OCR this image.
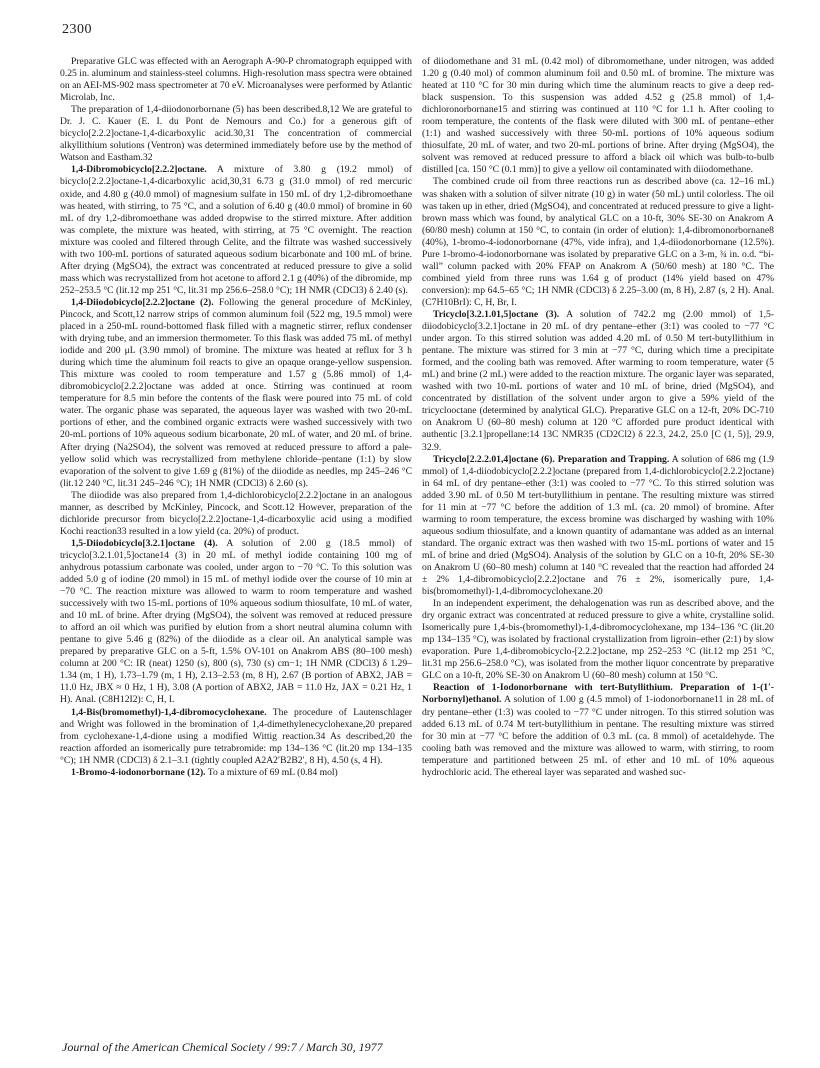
2300

Preparative GLC was effected with an Aerograph A-90-P chromatograph equipped with 0.25 in. aluminum and stainless-steel columns. High-resolution mass spectra were obtained on an AEI-MS-902 mass spectrometer at 70 eV. Microanalyses were performed by Atlantic Microlab, Inc.

The preparation of 1,4-diiodonorbornane (5) has been described.8,12 We are grateful to Dr. J. C. Kauer (E. I. du Pont de Nemours and Co.) for a generous gift of bicyclo[2.2.2]octane-1,4-dicarboxylic acid.30,31 The concentration of commercial alkyllithium solutions (Ventron) was determined immediately before use by the method of Watson and Eastham.32

1,4-Dibromobicyclo[2.2.2]octane. A mixture of 3.80 g (19.2 mmol) of bicyclo[2.2.2]octane-1,4-dicarboxylic acid,30,31 6.73 g (31.0 mmol) of red mercuric oxide, and 4.80 g (40.0 mmol) of magnesium sulfate in 150 mL of dry 1,2-dibromoethane was heated, with stirring, to 75 °C, and a solution of 6.40 g (40.0 mmol) of bromine in 60 mL of dry 1,2-dibromoethane was added dropwise to the stirred mixture. After addition was complete, the mixture was heated, with stirring, at 75 °C overnight. The reaction mixture was cooled and filtered through Celite, and the filtrate was washed successively with two 100-mL portions of saturated aqueous sodium bicarbonate and 100 mL of brine. After drying (MgSO4), the extract was concentrated at reduced pressure to give a solid mass which was recrystallized from hot acetone to afford 2.1 g (40%) of the dibromide, mp 252–253.5 °C (lit.12 mp 251 °C, lit.31 mp 256.6–258.0 °C); 1H NMR (CDCl3) δ 2.40 (s).

1,4-Diiodobicyclo[2.2.2]octane (2). Following the general procedure of McKinley, Pincock, and Scott,12 narrow strips of common aluminum foil (522 mg, 19.5 mmol) were placed in a 250-mL round-bottomed flask filled with a magnetic stirrer, reflux condenser with drying tube, and an immersion thermometer. To this flask was added 75 mL of methyl iodide and 200 μL (3.90 mmol) of bromine. The mixture was heated at reflux for 3 h during which time the aluminum foil reacts to give an opaque orange-yellow suspension. This mixture was cooled to room temperature and 1.57 g (5.86 mmol) of 1,4-dibromobicyclo[2.2.2]octane was added at once. Stirring was continued at room temperature for 8.5 min before the contents of the flask were poured into 75 mL of cold water. The organic phase was separated, the aqueous layer was washed with two 20-mL portions of ether, and the combined organic extracts were washed successively with two 20-mL portions of 10% aqueous sodium bicarbonate, 20 mL of water, and 20 mL of brine. After drying (Na2SO4), the solvent was removed at reduced pressure to afford a pale-yellow solid which was recrystallized from methylene chloride–pentane (1:1) by slow evaporation of the solvent to give 1.69 g (81%) of the diiodide as needles, mp 245–246 °C (lit.12 240 °C, lit.31 245–246 °C); 1H NMR (CDCl3) δ 2.60 (s).

The diiodide was also prepared from 1,4-dichlorobicyclo[2.2.2]octane in an analogous manner, as described by McKinley, Pincock, and Scott.12 However, preparation of the dichloride precursor from bicyclo[2.2.2]octane-1,4-dicarboxylic acid using a modified Kochi reaction33 resulted in a low yield (ca. 20%) of product.

1,5-Diiodobicyclo[3.2.1]octane (4). A solution of 2.00 g (18.5 mmol) of tricyclo[3.2.1.01,5]octane14 (3) in 20 mL of methyl iodide containing 100 mg of anhydrous potassium carbonate was cooled, under argon to −70 °C. To this solution was added 5.0 g of iodine (20 mmol) in 15 mL of methyl iodide over the course of 10 min at −70 °C. The reaction mixture was allowed to warm to room temperature and washed successively with two 15-mL portions of 10% aqueous sodium thiosulfate, 10 mL of water, and 10 mL of brine. After drying (MgSO4), the solvent was removed at reduced pressure to afford an oil which was purified by elution from a short neutral alumina column with pentane to give 5.46 g (82%) of the diiodide as a clear oil. An analytical sample was prepared by preparative GLC on a 5-ft, 1.5% OV-101 on Anakrom ABS (80–100 mesh) column at 200 °C: IR (neat) 1250 (s), 800 (s), 730 (s) cm−1; 1H NMR (CDCl3) δ 1.29–1.34 (m, 1 H), 1.73–1.79 (m, 1 H), 2.13–2.53 (m, 8 H), 2.67 (B portion of ABX2, JAB = 11.0 Hz, JBX ≈ 0 Hz, 1 H), 3.08 (A portion of ABX2, JAB = 11.0 Hz, JAX = 0.21 Hz, 1 H). Anal. (C8H12I2): C, H, I.

1,4-Bis(bromomethyl)-1,4-dibromocyclohexane. The procedure of Lautenschlager and Wright was followed in the bromination of 1,4-dimethylenecyclohexane,20 prepared from cyclohexane-1,4-dione using a modified Wittig reaction.34 As described,20 the reaction afforded an isomerically pure tetrabromide: mp 134–136 °C (lit.20 mp 134–135 °C); 1H NMR (CDCl3) δ 2.1–3.1 (tightly coupled A2A2′B2B2′, 8 H), 4.50 (s, 4 H).

1-Bromo-4-iodonorbornane (12). To a mixture of 69 mL (0.84 mol)

of diiodomethane and 31 mL (0.42 mol) of dibromomethane, under nitrogen, was added 1.20 g (0.40 mol) of common aluminum foil and 0.50 mL of bromine. The mixture was heated at 110 °C for 30 min during which time the aluminum reacts to give a deep red-black suspension. To this suspension was added 4.52 g (25.8 mmol) of 1,4-dichloronorbornane15 and stirring was continued at 110 °C for 1.1 h. After cooling to room temperature, the contents of the flask were diluted with 300 mL of pentane–ether (1:1) and washed successively with three 50-mL portions of 10% aqueous sodium thiosulfate, 20 mL of water, and two 20-mL portions of brine. After drying (MgSO4), the solvent was removed at reduced pressure to afford a black oil which was bulb-to-bulb distilled [ca. 150 °C (0.1 mm)] to give a yellow oil contaminated with diiodomethane.

The combined crude oil from three reactions run as described above (ca. 12–16 mL) was shaken with a solution of silver nitrate (10 g) in water (50 mL) until colorless. The oil was taken up in ether, dried (MgSO4), and concentrated at reduced pressure to give a light-brown mass which was found, by analytical GLC on a 10-ft, 30% SE-30 on Anakrom A (60/80 mesh) column at 150 °C, to contain (in order of elution): 1,4-dibromonorbornane8 (40%), 1-bromo-4-iodonorbornane (47%, vide infra), and 1,4-diiodonorbornane (12.5%). Pure 1-bromo-4-iodonorbornane was isolated by preparative GLC on a 3-m, ¾ in. o.d. “bi-wall” column packed with 20% FFAP on Anakrom A (50/60 mesh) at 180 °C. The combined yield from three runs was 1.64 g of product (14% yield based on 47% conversion): mp 64.5–65 °C; 1H NMR (CDCl3) δ 2.25–3.00 (m, 8 H), 2.87 (s, 2 H). Anal. (C7H10BrI): C, H, Br, I.

Tricyclo[3.2.1.01,5]octane (3). A solution of 742.2 mg (2.00 mmol) of 1,5-diiodobicyclo[3.2.1]octane in 20 mL of dry pentane–ether (3:1) was cooled to −77 °C under argon. To this stirred solution was added 4.20 mL of 0.50 M tert-butyllithium in pentane. The mixture was stirred for 3 min at −77 °C, during which time a precipitate formed, and the cooling bath was removed. After warming to room temperature, water (5 mL) and brine (2 mL) were added to the reaction mixture. The organic layer was separated, washed with two 10-mL portions of water and 10 mL of brine, dried (MgSO4), and concentrated by distillation of the solvent under argon to give a 59% yield of the tricyclooctane (determined by analytical GLC). Preparative GLC on a 12-ft, 20% DC-710 on Anakrom U (60–80 mesh) column at 120 °C afforded pure product identical with authentic [3.2.1]propellane:14 13C NMR35 (CD2Cl2) δ 22.3, 24.2, 25.0 [C (1, 5)], 29.9, 32.9.

Tricyclo[2.2.2.01,4]octane (6). Preparation and Trapping. A solution of 686 mg (1.9 mmol) of 1,4-diiodobicyclo[2.2.2]octane (prepared from 1,4-dichlorobicyclo[2.2.2]octane) in 64 mL of dry pentane–ether (3:1) was cooled to −77 °C. To this stirred solution was added 3.90 mL of 0.50 M tert-butyllithium in pentane. The resulting mixture was stirred for 11 min at −77 °C before the addition of 1.3 mL (ca. 20 mmol) of bromine. After warming to room temperature, the excess bromine was discharged by washing with 10% aqueous sodium thiosulfate, and a known quantity of adamantane was added as an internal standard. The organic extract was then washed with two 15-mL portions of water and 15 mL of brine and dried (MgSO4). Analysis of the solution by GLC on a 10-ft, 20% SE-30 on Anakrom U (60–80 mesh) column at 140 °C revealed that the reaction had afforded 24 ± 2% 1,4-dibromobicyclo[2.2.2]octane and 76 ± 2%, isomerically pure, 1,4-bis(bromomethyl)-1,4-dibromocyclohexane.20

In an independent experiment, the dehalogenation was run as described above, and the dry organic extract was concentrated at reduced pressure to give a white, crystalline solid. Isomerically pure 1,4-bis-(bromomethyl)-1,4-dibromocyclohexane, mp 134–136 °C (lit.20 mp 134–135 °C), was isolated by fractional crystallization from ligroin–ether (2:1) by slow evaporation. Pure 1,4-dibromobicyclo-[2.2.2]octane, mp 252–253 °C (lit.12 mp 251 °C, lit.31 mp 256.6–258.0 °C), was isolated from the mother liquor concentrate by preparative GLC on a 10-ft, 20% SE-30 on Anakrom U (60–80 mesh) column at 150 °C.

Reaction of 1-Iodonorbornane with tert-Butyllithium. Preparation of 1-(1′-Norbornyl)ethanol. A solution of 1.00 g (4.5 mmol) of 1-iodonorbornane11 in 28 mL of dry pentane–ether (1:3) was cooled to −77 °C under nitrogen. To this stirred solution was added 6.13 mL of 0.74 M tert-butyllithium in pentane. The resulting mixture was stirred for 30 min at −77 °C before the addition of 0.3 mL (ca. 8 mmol) of acetaldehyde. The cooling bath was removed and the mixture was allowed to warm, with stirring, to room temperature and partitioned between 25 mL of ether and 10 mL of 10% aqueous hydrochloric acid. The ethereal layer was separated and washed suc-

Journal of the American Chemical Society / 99:7 / March 30, 1977
